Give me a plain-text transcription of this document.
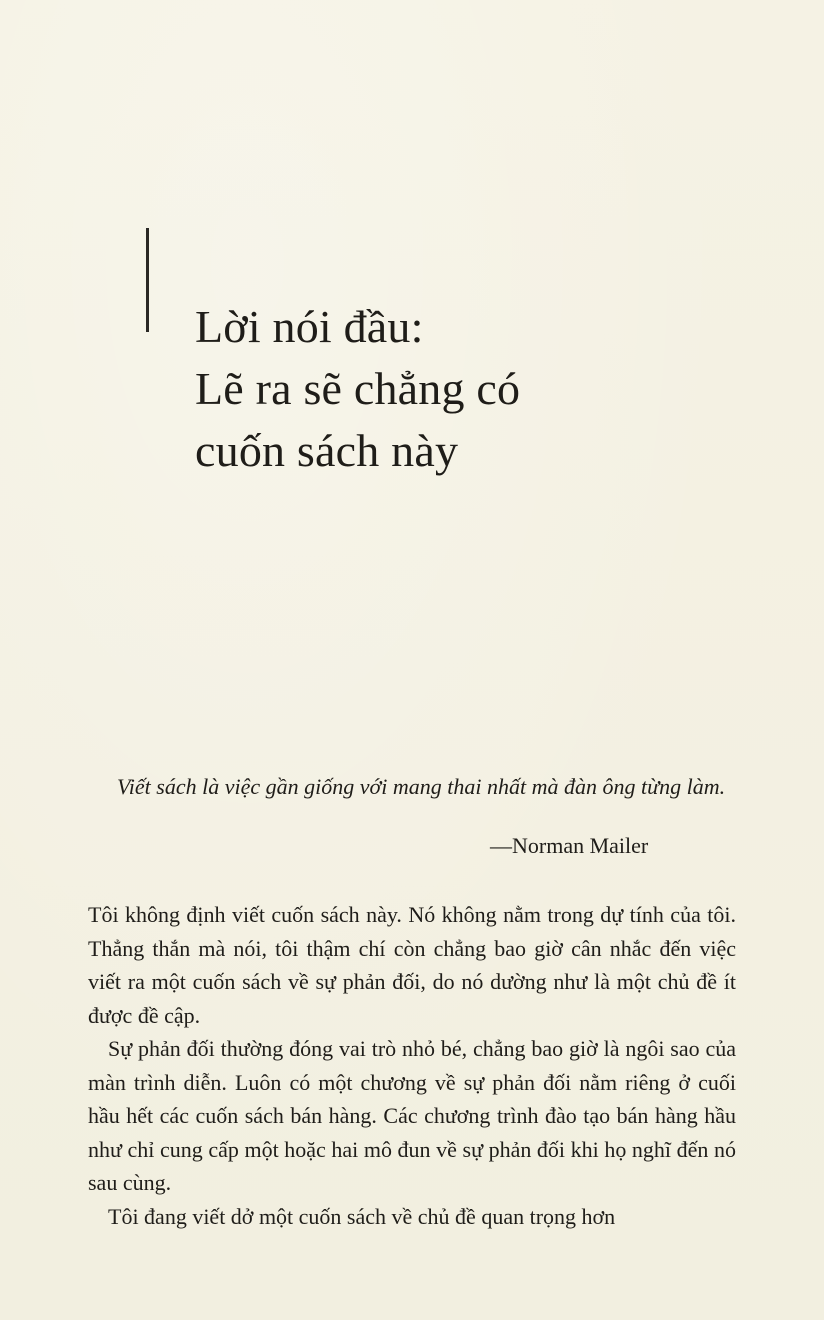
Lời nói đầu:
Lẽ ra sẽ chẳng có
cuốn sách này

Viết sách là việc gần giống với mang thai nhất mà đàn ông từng làm.

—Norman Mailer

Tôi không định viết cuốn sách này. Nó không nằm trong dự tính của tôi. Thẳng thắn mà nói, tôi thậm chí còn chẳng bao giờ cân nhắc đến việc viết ra một cuốn sách về sự phản đối, do nó dường như là một chủ đề ít được đề cập.

Sự phản đối thường đóng vai trò nhỏ bé, chẳng bao giờ là ngôi sao của màn trình diễn. Luôn có một chương về sự phản đối nằm riêng ở cuối hầu hết các cuốn sách bán hàng. Các chương trình đào tạo bán hàng hầu như chỉ cung cấp một hoặc hai mô đun về sự phản đối khi họ nghĩ đến nó sau cùng.

Tôi đang viết dở một cuốn sách về chủ đề quan trọng hơn
